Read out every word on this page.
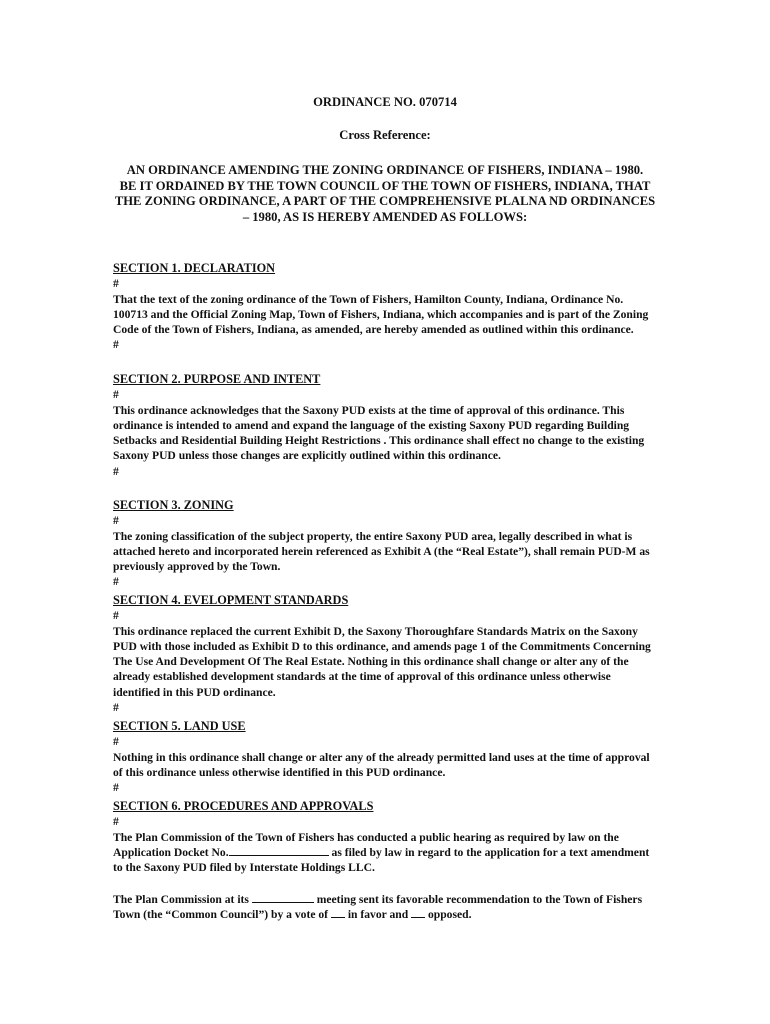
ORDINANCE NO. 070714
Cross Reference:
AN ORDINANCE AMENDING THE ZONING ORDINANCE OF FISHERS, INDIANA – 1980.
BE IT ORDAINED BY THE TOWN COUNCIL OF THE TOWN OF FISHERS, INDIANA, THAT
THE ZONING ORDINANCE, A PART OF THE COMPREHENSIVE PLALNA ND ORDINANCES
– 1980, AS IS HEREBY AMENDED AS FOLLOWS:
SECTION 1. DECLARATION
#

That the text of the zoning ordinance of the Town of Fishers, Hamilton County, Indiana, Ordinance No. 100713 and the Official Zoning Map, Town of Fishers, Indiana, which accompanies and is part of the Zoning Code of the Town of Fishers, Indiana, as amended, are hereby amended as outlined within this ordinance.

#
SECTION 2. PURPOSE AND INTENT
#

This ordinance acknowledges that the Saxony PUD exists at the time of approval of this ordinance. This ordinance is intended to amend and expand the language of the existing Saxony PUD regarding Building Setbacks and Residential Building Height Restrictions . This ordinance shall effect no change to the existing Saxony PUD unless those changes are explicitly outlined within this ordinance.

#
SECTION 3. ZONING
#

The zoning classification of the subject property, the entire Saxony PUD area, legally described in what is attached hereto and incorporated herein referenced as Exhibit A (the “Real Estate”), shall remain PUD-M as previously approved by the Town.

#
SECTION 4. EVELOPMENT STANDARDS
#

This ordinance replaced the current Exhibit D, the Saxony Thoroughfare Standards Matrix on the Saxony PUD with those included as Exhibit D to this ordinance, and amends page 1 of the Commitments Concerning The Use And Development Of The Real Estate. Nothing in this ordinance shall change or alter any of the already established development standards at the time of approval of this ordinance unless otherwise identified in this PUD ordinance.

#
SECTION 5. LAND USE
#

Nothing in this ordinance shall change or alter any of the already permitted land uses at the time of approval of this ordinance unless otherwise identified in this PUD ordinance.

#
SECTION 6. PROCEDURES AND APPROVALS
#

The Plan Commission of the Town of Fishers has conducted a public hearing as required by law on the Application Docket No.	as filed by law in regard to the application for a text amendment to the Saxony PUD filed by Interstate Holdings LLC.

The Plan Commission at its	meeting sent its favorable recommendation to the Town of Fishers Town (the “Common Council”) by a vote of  in favor and  opposed.
